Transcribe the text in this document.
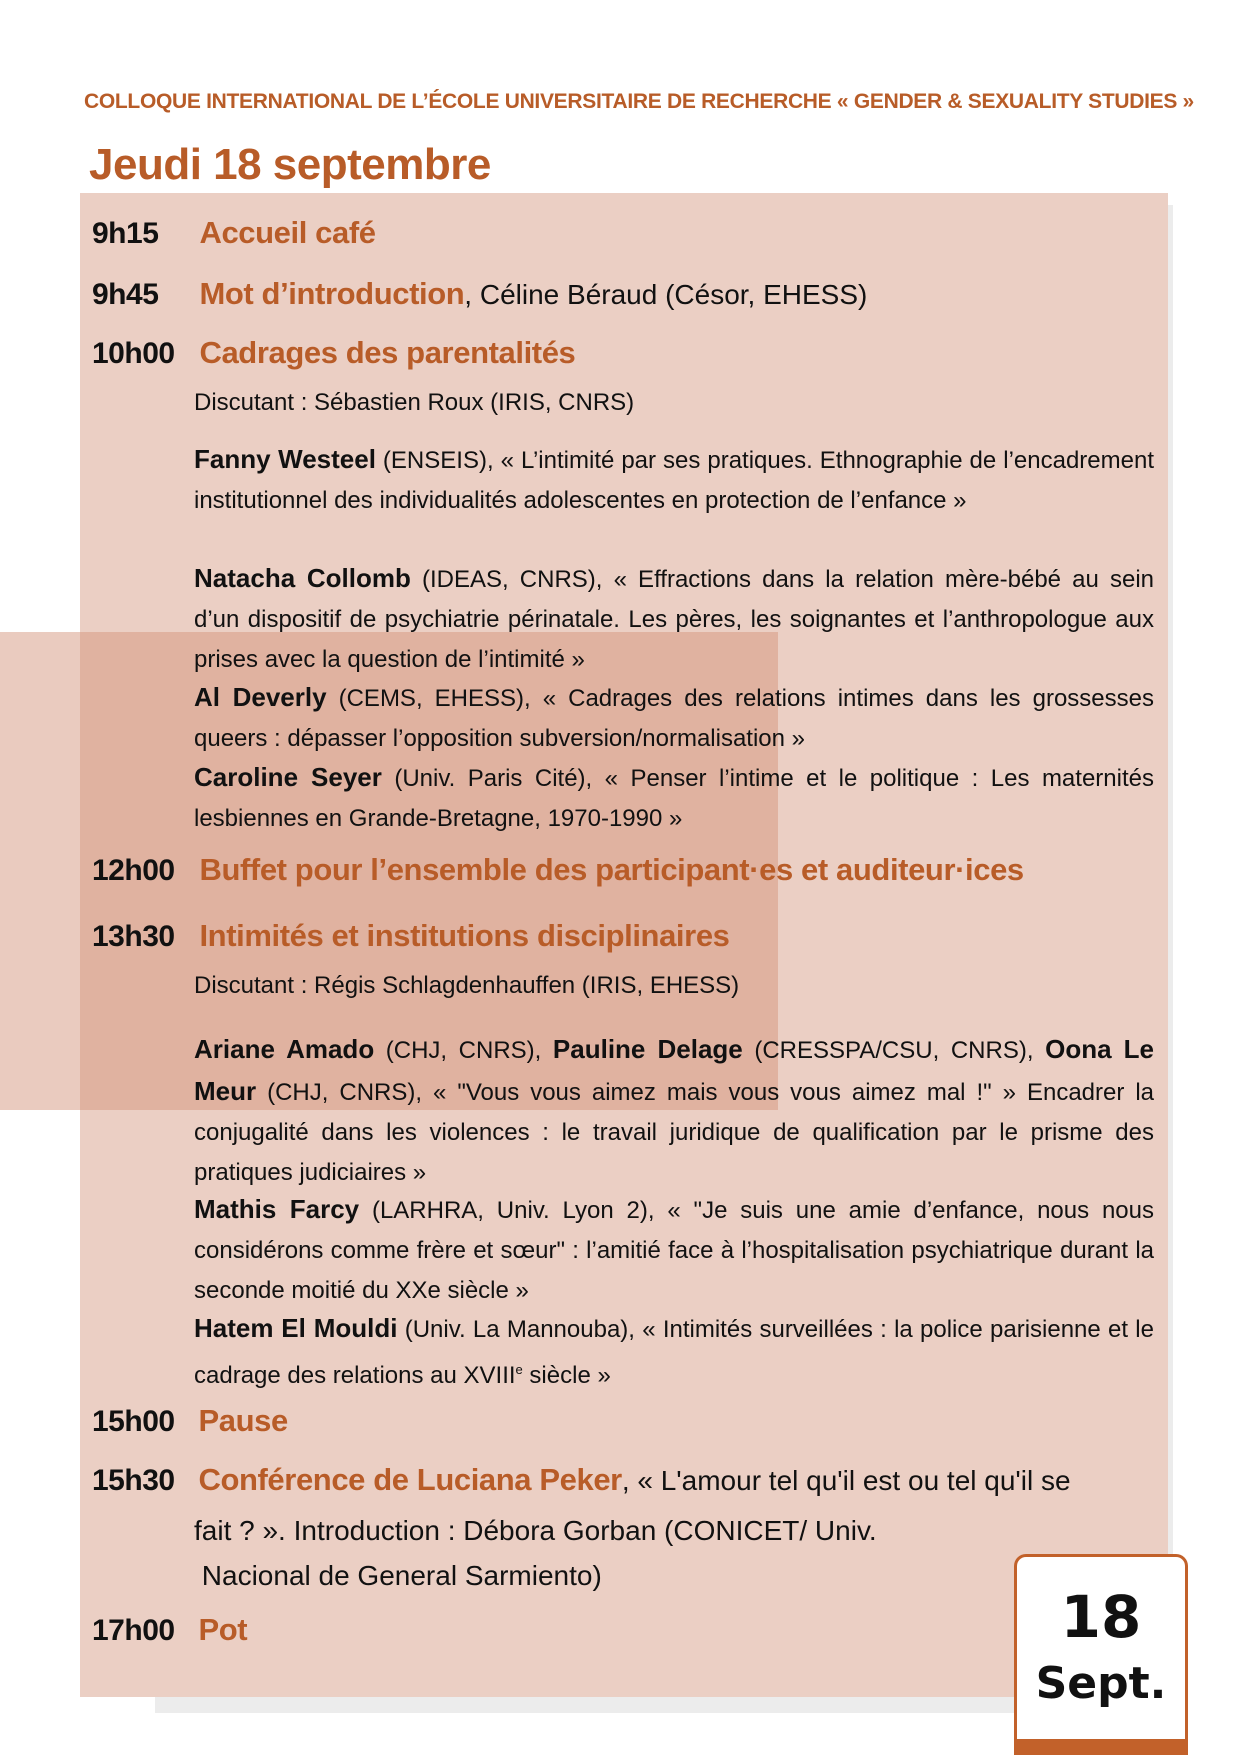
COLLOQUE INTERNATIONAL DE L’ÉCOLE UNIVERSITAIRE DE RECHERCHE « GENDER & SEXUALITY STUDIES »
Jeudi 18 septembre
9h15 Accueil café
9h45 Mot d’introduction, Céline Béraud (Césor, EHESS)
10h00 Cadrages des parentalités
Discutant : Sébastien Roux (IRIS, CNRS)
Fanny Westeel (ENSEIS), « L’intimité par ses pratiques. Ethnographie de l’encadrement institutionnel des individualités adolescentes en protection de l’enfance »
Natacha Collomb (IDEAS, CNRS), « Effractions dans la relation mère-bébé au sein d’un dispositif de psychiatrie périnatale. Les pères, les soignantes et l’anthropologue aux prises avec la question de l’intimité »
Al Deverly (CEMS, EHESS), « Cadrages des relations intimes dans les grossesses queers : dépasser l’opposition subversion/normalisation »
Caroline Seyer (Univ. Paris Cité), « Penser l’intime et le politique : Les maternités lesbiennes en Grande-Bretagne, 1970-1990 »
12h00 Buffet pour l’ensemble des participant·es et auditeur·ices
13h30 Intimités et institutions disciplinaires
Discutant : Régis Schlagdenhauffen (IRIS, EHESS)
Ariane Amado (CHJ, CNRS), Pauline Delage (CRESSPA/CSU, CNRS), Oona Le Meur (CHJ, CNRS), « "Vous vous aimez mais vous vous aimez mal !" » Encadrer la conjugalité dans les violences : le travail juridique de qualification par le prisme des pratiques judiciaires »
Mathis Farcy (LARHRA, Univ. Lyon 2), « "Je suis une amie d’enfance, nous nous considérons comme frère et sœur" : l’amitié face à l’hospitalisation psychiatrique durant la seconde moitié du XXe siècle »
Hatem El Mouldi (Univ. La Mannouba), « Intimités surveillées : la police parisienne et le cadrage des relations au XVIIIe siècle »
15h00 Pause
15h30 Conférence de Luciana Peker, « L'amour tel qu'il est ou tel qu'il se
fait ? ». Introduction : Débora Gorban (CONICET/ Univ.
Nacional de General Sarmiento)
17h00 Pot	18
Sept.
